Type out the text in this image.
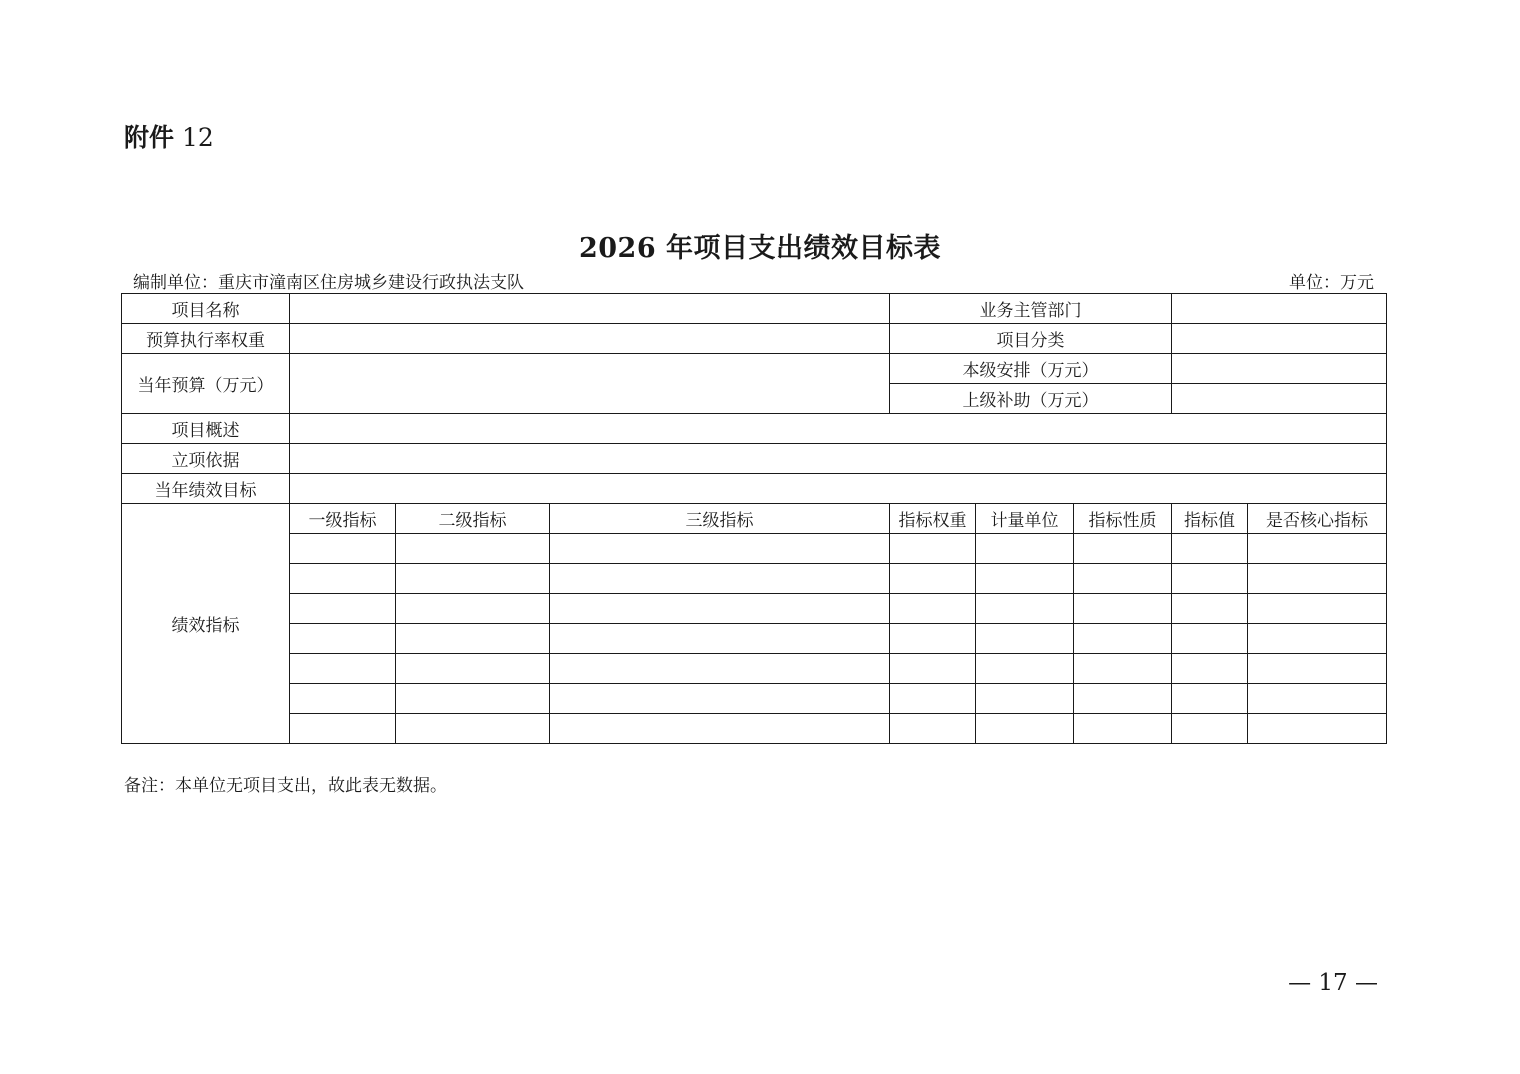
附件 12
2026 年项目支出绩效目标表
编制单位：重庆市潼南区住房城乡建设行政执法支队	单位：万元
项目名称				业务主管部门				
预算执行率权重				项目分类				
当年预算（万元）				本级安排（万元）				
				上级补助（万元）				
项目概述								
立项依据								
当年绩效目标								
绩效指标	一级指标	二级指标	三级指标	指标权重	计量单位	指标性质	指标值	是否核心指标

备注：本单位无项目支出，故此表无数据。
— 17 —
